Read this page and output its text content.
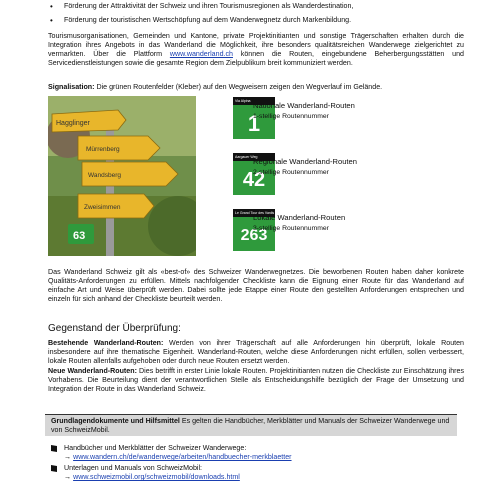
• Förderung der Attraktivität der Schweiz und ihren Tourismusregionen als Wanderdestination,
• Förderung der touristischen Wertschöpfung auf dem Wanderwegnetz durch Markenbildung.
Tourismusorganisationen, Gemeinden und Kantone, private Projektinitianten und sonstige Trägerschaften erhalten durch die Integration ihres Angebots in das Wanderland die Möglichkeit, ihre besonders qualitätsreichen Wanderwege zielgerichtet zu vermarkten. Über die Plattform www.wanderland.ch können die Routen, eingebundene Beherbergungsstätten und Servicedienstleistungen sowie die gesamte Region dem Zielpublikum breit kommuniziert werden.
Signalisation: Die grünen Routenfelder (Kleber) auf den Wegweisern zeigen den Wegverlauf im Gelände.
Hagglinger
Mürrenberg
Wandsberg
Zweisimmen
63
Via Alpina
1
Nationale Wanderland-Routen
1-stellige Routennummer
Aargauer Weg
42
Regionale Wanderland-Routen
2-stellige Routennummer
Le Grand Tour des Vanils
263
Lokale Wanderland-Routen
3-stellige Routennummer
Das Wanderland Schweiz gilt als «best-of» des Schweizer Wanderwegnetzes. Die beworbenen Routen haben daher konkrete Qualitäts-Anforderungen zu erfüllen. Mittels nachfolgender Checkliste kann die Eignung einer Route für das Wanderland auf einfache Art und Weise überprüft werden. Dabei sollte jede Etappe einer Route den gestellten Anforderungen entsprechen und einzeln für sich anhand der Checkliste beurteilt werden.
Gegenstand der Überprüfung:

Bestehende Wanderland-Routen: Werden von ihrer Trägerschaft auf alle Anforderungen hin überprüft, lokale Routen insbesondere auf ihre thematische Eigenheit. Wanderland-Routen, welche diese Anforderungen nicht erfüllen, sollen verbessert, lokale Routen allenfalls aufgehoben oder durch neue Routen ersetzt werden.

Neue Wanderland-Routen: Dies betrifft in erster Linie lokale Routen. Projektinitianten nutzen die Checkliste zur Einschätzung ihres Vorhabens. Die Beurteilung dient der verantwortlichen Stelle als Entscheidungshilfe bezüglich der Frage der Umsetzung und Integration der Route in das Wanderland Schweiz.

Grundlagendokumente und Hilfsmittel Es gelten die Handbücher, Merkblätter und Manuals der Schweizer Wanderwege und von SchweizMobil.
Handbücher und Merkblätter der Schweizer Wanderwege:
→ www.wandern.ch/de/wanderwege/arbeiten/handbuecher-merkblaetter
Unterlagen und Manuals von SchweizMobil:
→ www.schweizmobil.org/schweizmobil/downloads.html
